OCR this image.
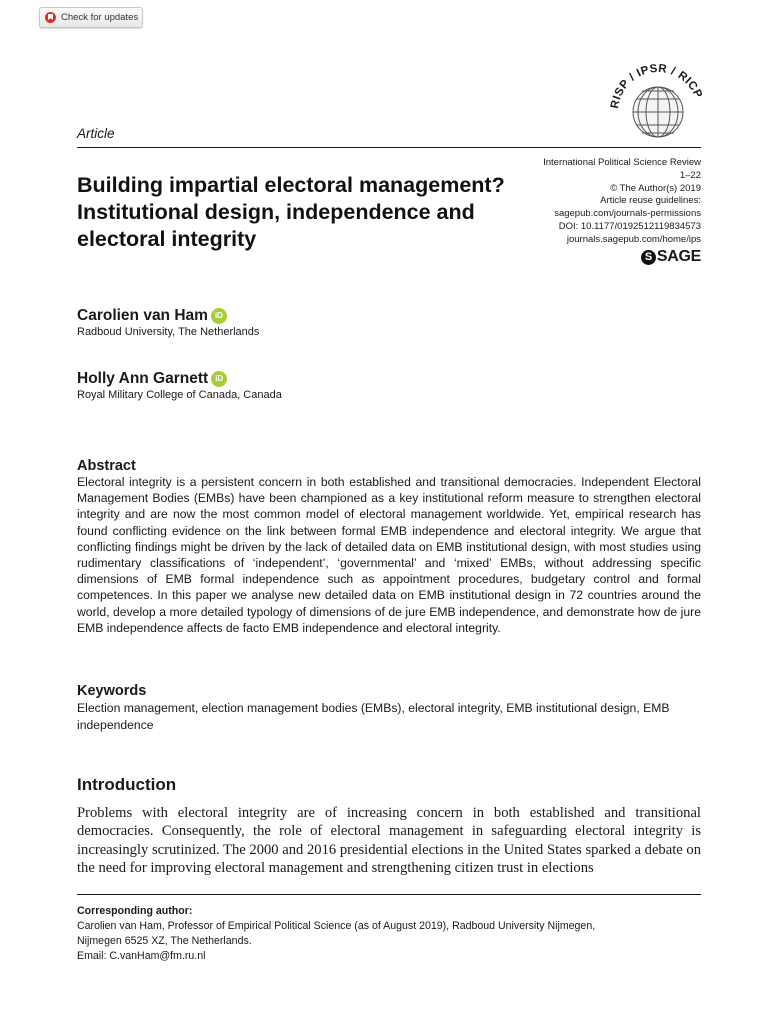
Check for updates
RISP / IPSR / RICP
Article
Building impartial electoral management? Institutional design, independence and electoral integrity
International Political Science Review
1–22
© The Author(s) 2019
Article reuse guidelines:
sagepub.com/journals-permissions
DOI: 10.1177/0192512119834573
journals.sagepub.com/home/ips
S SAGE
Carolien van Ham iD
Radboud University, The Netherlands
Holly Ann Garnett iD
Royal Military College of Canada, Canada
Abstract
Electoral integrity is a persistent concern in both established and transitional democracies. Independent Electoral Management Bodies (EMBs) have been championed as a key institutional reform measure to strengthen electoral integrity and are now the most common model of electoral management worldwide. Yet, empirical research has found conflicting evidence on the link between formal EMB independence and electoral integrity. We argue that conflicting findings might be driven by the lack of detailed data on EMB institutional design, with most studies using rudimentary classifications of ‘independent’, ‘governmental’ and ‘mixed’ EMBs, without addressing specific dimensions of EMB formal independence such as appointment procedures, budgetary control and formal competences. In this paper we analyse new detailed data on EMB institutional design in 72 countries around the world, develop a more detailed typology of dimensions of de jure EMB independence, and demonstrate how de jure EMB independence affects de facto EMB independence and electoral integrity.
Keywords
Election management, election management bodies (EMBs), electoral integrity, EMB institutional design, EMB independence
Introduction
Problems with electoral integrity are of increasing concern in both established and transitional democracies. Consequently, the role of electoral management in safeguarding electoral integrity is increasingly scrutinized. The 2000 and 2016 presidential elections in the United States sparked a debate on the need for improving electoral management and strengthening citizen trust in elections
Corresponding author:
Carolien van Ham, Professor of Empirical Political Science (as of August 2019), Radboud University Nijmegen,
Nijmegen 6525 XZ, The Netherlands.
Email: C.vanHam@fm.ru.nl
